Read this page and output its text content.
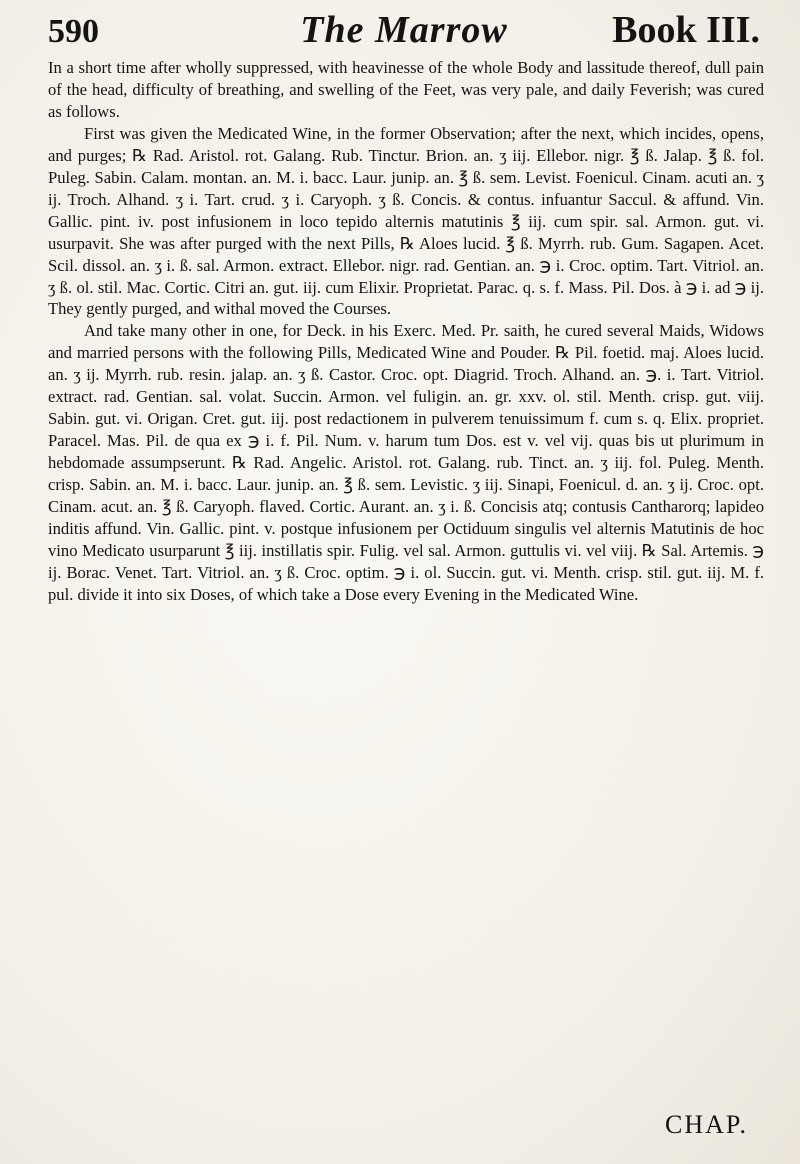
590	The Marrow	Book III.

In a short time after wholly suppressed, with heavinesse of the whole Body and lassitude thereof, dull pain of the head, difficulty of breathing, and swelling of the Feet, was very pale, and daily Feverish; was cured as follows.

First was given the Medicated Wine, in the former Observation; after the next, which incides, opens, and purges; ℞ Rad. Aristol. rot. Galang. Rub. Tinctur. Brion. an. ʒ iij. Ellebor. nigr. ℥ ß. Jalap. ℥ ß. fol. Puleg. Sabin. Calam. montan. an. M. i. bacc. Laur. junip. an. ℥ ß. sem. Levist. Foenicul. Cinam. acuti an. ʒ ij. Troch. Alhand. ʒ i. Tart. crud. ʒ i. Caryoph. ʒ ß. Concis. & contus. infuantur Saccul. & affund. Vin. Gallic. pint. iv. post infusionem in loco tepido alternis matutinis ℥ iij. cum spir. sal. Armon. gut. vi. usurpavit. She was after purged with the next Pills, ℞ Aloes lucid. ℥ ß. Myrrh. rub. Gum. Sagapen. Acet. Scil. dissol. an. ʒ i. ß. sal. Armon. extract. Ellebor. nigr. rad. Gentian. an. ℈ i. Croc. optim. Tart. Vitriol. an. ʒ ß. ol. stil. Mac. Cortic. Citri an. gut. iij. cum Elixir. Proprietat. Parac. q. s. f. Mass. Pil. Dos. à ℈ i. ad ℈ ij. They gently purged, and withal moved the Courses.

And take many other in one, for Deck. in his Exerc. Med. Pr. saith, he cured several Maids, Widows and married persons with the following Pills, Medicated Wine and Pouder. ℞ Pil. foetid. maj. Aloes lucid. an. ʒ ij. Myrrh. rub. resin. jalap. an. ʒ ß. Castor. Croc. opt. Diagrid. Troch. Alhand. an. ℈. i. Tart. Vitriol. extract. rad. Gentian. sal. volat. Succin. Armon. vel fuligin. an. gr. xxv. ol. stil. Menth. crisp. gut. viij. Sabin. gut. vi. Origan. Cret. gut. iij. post redactionem in pulverem tenuissimum f. cum s. q. Elix. propriet. Paracel. Mas. Pil. de qua ex ℈ i. f. Pil. Num. v. harum tum Dos. est v. vel vij. quas bis ut plurimum in hebdomade assumpserunt. ℞ Rad. Angelic. Aristol. rot. Galang. rub. Tinct. an. ʒ iij. fol. Puleg. Menth. crisp. Sabin. an. M. i. bacc. Laur. junip. an. ℥ ß. sem. Levistic. ʒ iij. Sinapi, Foenicul. d. an. ʒ ij. Croc. opt. Cinam. acut. an. ℥ ß. Caryoph. flaved. Cortic. Aurant. an. ʒ i. ß. Concisis atq; contusis Cantharorq; lapideo inditis affund. Vin. Gallic. pint. v. postque infusionem per Octiduum singulis vel alternis Matutinis de hoc vino Medicato usurparunt ℥ iij. instillatis spir. Fulig. vel sal. Armon. guttulis vi. vel viij. ℞ Sal. Artemis. ℈ ij. Borac. Venet. Tart. Vitriol. an. ʒ ß. Croc. optim. ℈ i. ol. Succin. gut. vi. Menth. crisp. stil. gut. iij. M. f. pul. divide it into six Doses, of which take a Dose every Evening in the Medicated Wine.

CHAP.
